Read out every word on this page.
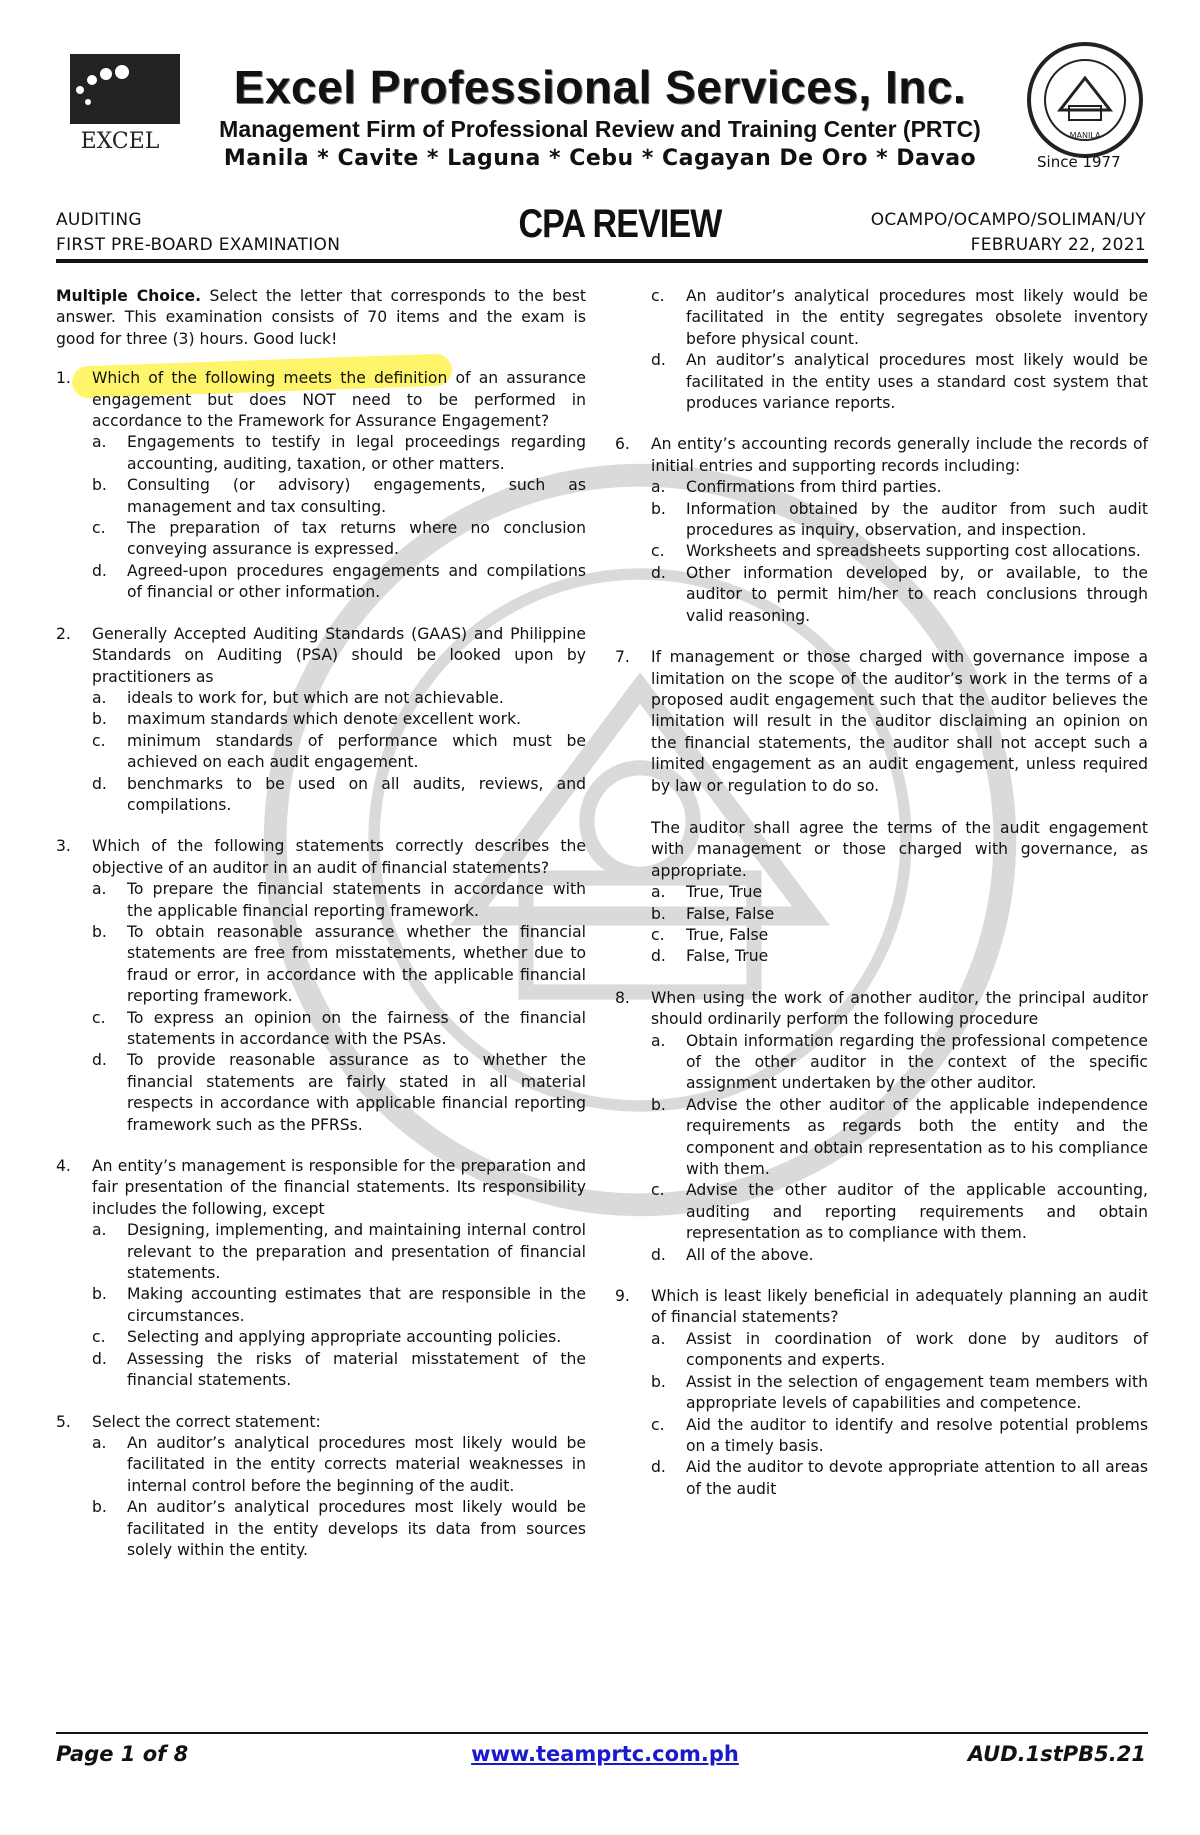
EXCEL	MANILA
Excel Professional Services, Inc.
Management Firm of Professional Review and Training Center (PRTC)
Manila * Cavite * Laguna * Cebu * Cagayan De Oro * Davao	Since 1977
AUDITING
FIRST PRE-BOARD EXAMINATION	CPA REVIEW	OCAMPO/OCAMPO/SOLIMAN/UY
FEBRUARY 22, 2021
Multiple Choice. Select the letter that corresponds to the best answer. This examination consists of 70 items and the exam is good for three (3) hours. Good luck!
1. Which of the following meets the definition of an assurance engagement but does NOT need to be performed in accordance to the Framework for Assurance Engagement?
a. Engagements to testify in legal proceedings regarding accounting, auditing, taxation, or other matters.
b. Consulting (or advisory) engagements, such as management and tax consulting.
c. The preparation of tax returns where no conclusion conveying assurance is expressed.
d. Agreed-upon procedures engagements and compilations of financial or other information.
2. Generally Accepted Auditing Standards (GAAS) and Philippine Standards on Auditing (PSA) should be looked upon by practitioners as
a. ideals to work for, but which are not achievable.
b. maximum standards which denote excellent work.
c. minimum standards of performance which must be achieved on each audit engagement.
d. benchmarks to be used on all audits, reviews, and compilations.
3. Which of the following statements correctly describes the objective of an auditor in an audit of financial statements?
a. To prepare the financial statements in accordance with the applicable financial reporting framework.
b. To obtain reasonable assurance whether the financial statements are free from misstatements, whether due to fraud or error, in accordance with the applicable financial reporting framework.
c. To express an opinion on the fairness of the financial statements in accordance with the PSAs.
d. To provide reasonable assurance as to whether the financial statements are fairly stated in all material respects in accordance with applicable financial reporting framework such as the PFRSs.
4. An entity’s management is responsible for the preparation and fair presentation of the financial statements. Its responsibility includes the following, except
a. Designing, implementing, and maintaining internal control relevant to the preparation and presentation of financial statements.
b. Making accounting estimates that are responsible in the circumstances.
c. Selecting and applying appropriate accounting policies.
d. Assessing the risks of material misstatement of the financial statements.
5. Select the correct statement:
a. An auditor’s analytical procedures most likely would be facilitated in the entity corrects material weaknesses in internal control before the beginning of the audit.
b. An auditor’s analytical procedures most likely would be facilitated in the entity develops its data from sources solely within the entity.
c. An auditor’s analytical procedures most likely would be facilitated in the entity segregates obsolete inventory before physical count.
d. An auditor’s analytical procedures most likely would be facilitated in the entity uses a standard cost system that produces variance reports.
6. An entity’s accounting records generally include the records of initial entries and supporting records including:
a. Confirmations from third parties.
b. Information obtained by the auditor from such audit procedures as inquiry, observation, and inspection.
c. Worksheets and spreadsheets supporting cost allocations.
d. Other information developed by, or available, to the auditor to permit him/her to reach conclusions through valid reasoning.
7. If management or those charged with governance impose a limitation on the scope of the auditor’s work in the terms of a proposed audit engagement such that the auditor believes the limitation will result in the auditor disclaiming an opinion on the financial statements, the auditor shall not accept such a limited engagement as an audit engagement, unless required by law or regulation to do so.
The auditor shall agree the terms of the audit engagement with management or those charged with governance, as appropriate.
a. True, True
b. False, False
c. True, False
d. False, True
8. When using the work of another auditor, the principal auditor should ordinarily perform the following procedure
a. Obtain information regarding the professional competence of the other auditor in the context of the specific assignment undertaken by the other auditor.
b. Advise the other auditor of the applicable independence requirements as regards both the entity and the component and obtain representation as to his compliance with them.
c. Advise the other auditor of the applicable accounting, auditing and reporting requirements and obtain representation as to compliance with them.
d. All of the above.
9. Which is least likely beneficial in adequately planning an audit of financial statements?
a. Assist in coordination of work done by auditors of components and experts.
b. Assist in the selection of engagement team members with appropriate levels of capabilities and competence.
c. Aid the auditor to identify and resolve potential problems on a timely basis.
d. Aid the auditor to devote appropriate attention to all areas of the audit
Page 1 of 8	www.teamprtc.com.ph	AUD.1stPB5.21
